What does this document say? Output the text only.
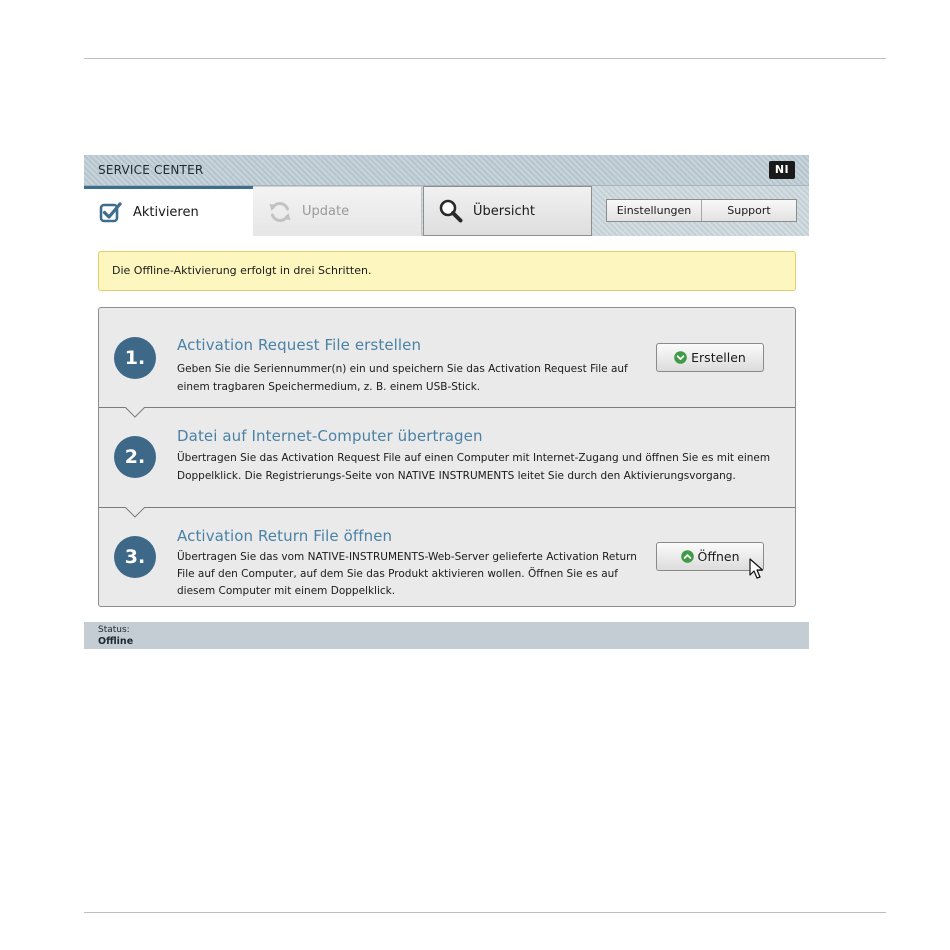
SERVICE CENTER	NI
Aktivieren	Update	Übersicht	Einstellungen	Support
Die Offline-Aktivierung erfolgt in drei Schritten.
1.
Activation Request File erstellen
Geben Sie die Seriennummer(n) ein und speichern Sie das Activation Request File auf einem tragbaren Speichermedium, z. B. einem USB-Stick.
Erstellen
2.
Datei auf Internet-Computer übertragen
Übertragen Sie das Activation Request File auf einen Computer mit Internet-Zugang und öffnen Sie es mit einem Doppelklick. Die Registrierungs-Seite von NATIVE INSTRUMENTS leitet Sie durch den Aktivierungsvorgang.
3.
Activation Return File öffnen
Übertragen Sie das vom NATIVE-INSTRUMENTS-Web-Server gelieferte Activation Return File auf den Computer, auf dem Sie das Produkt aktivieren wollen. Öffnen Sie es auf diesem Computer mit einem Doppelklick.
Öffnen
Status:
Offline
